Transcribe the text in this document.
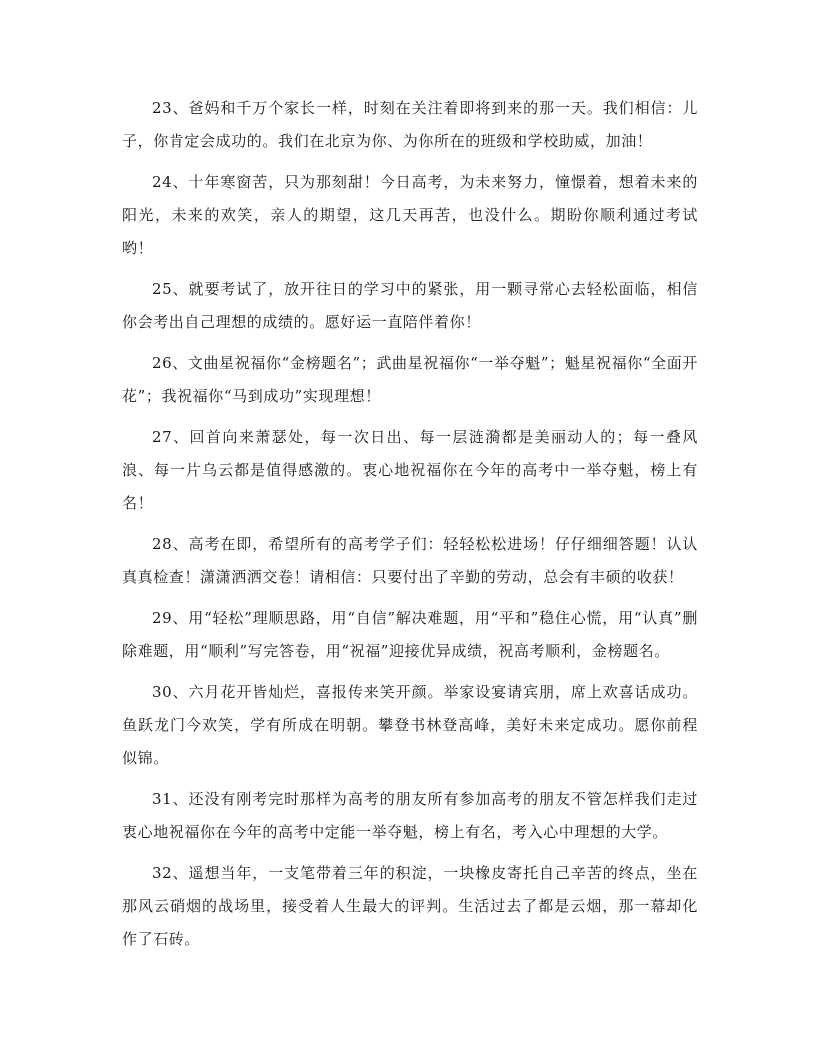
23、爸妈和千万个家长一样，时刻在关注着即将到来的那一天。我们相信：儿子，你肯定会成功的。我们在北京为你、为你所在的班级和学校助威，加油！

24、十年寒窗苦，只为那刻甜！今日高考，为未来努力，憧憬着，想着未来的阳光，未来的欢笑，亲人的期望，这几天再苦，也没什么。期盼你顺利通过考试哟！

25、就要考试了，放开往日的学习中的紧张，用一颗寻常心去轻松面临，相信你会考出自己理想的成绩的。愿好运一直陪伴着你！

26、文曲星祝福你“金榜题名”；武曲星祝福你“一举夺魁”；魁星祝福你“全面开花”；我祝福你“马到成功”实现理想！

27、回首向来萧瑟处，每一次日出、每一层涟漪都是美丽动人的；每一叠风浪、每一片乌云都是值得感激的。衷心地祝福你在今年的高考中一举夺魁，榜上有名！

28、高考在即，希望所有的高考学子们：轻轻松松进场！仔仔细细答题！认认真真检查！潇潇洒洒交卷！请相信：只要付出了辛勤的劳动，总会有丰硕的收获！

29、用“轻松”理顺思路，用“自信”解决难题，用“平和”稳住心慌，用“认真”删除难题，用“顺利”写完答卷，用“祝福”迎接优异成绩，祝高考顺利，金榜题名。

30、六月花开皆灿烂，喜报传来笑开颜。举家设宴请宾朋，席上欢喜话成功。鱼跃龙门今欢笑，学有所成在明朝。攀登书林登高峰，美好未来定成功。愿你前程似锦。

31、还没有刚考完时那样为高考的朋友所有参加高考的朋友不管怎样我们走过衷心地祝福你在今年的高考中定能一举夺魁，榜上有名，考入心中理想的大学。

32、遥想当年，一支笔带着三年的积淀，一块橡皮寄托自己辛苦的终点，坐在那风云硝烟的战场里，接受着人生最大的评判。生活过去了都是云烟，那一幕却化作了石砖。
